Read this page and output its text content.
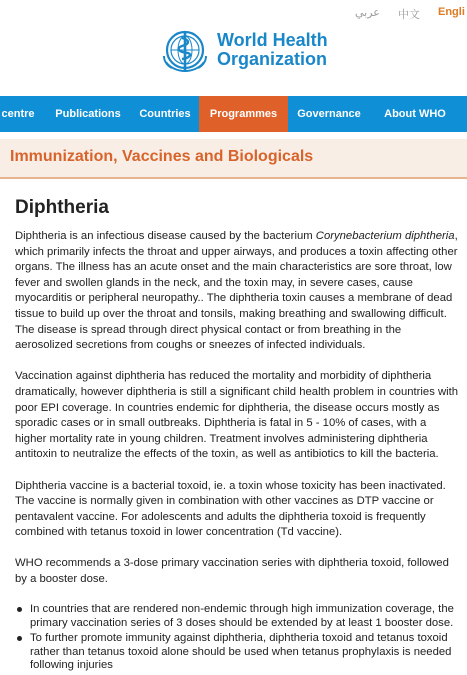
عربي 中文 Engli
World Health
Organization
centre	Publications Countries	Programmes	Governance About WHO
Immunization, Vaccines and Biologicals
Diphtheria

Diphtheria is an infectious disease caused by the bacterium Corynebacterium diphtheria, which primarily infects the throat and upper airways, and produces a toxin affecting other organs. The illness has an acute onset and the main characteristics are sore throat, low fever and swollen glands in the neck, and the toxin may, in severe cases, cause myocarditis or peripheral neuropathy.. The diphtheria toxin causes a membrane of dead tissue to build up over the throat and tonsils, making breathing and swallowing difficult. The disease is spread through direct physical contact or from breathing in the aerosolized secretions from coughs or sneezes of infected individuals.

Vaccination against diphtheria has reduced the mortality and morbidity of diphtheria dramatically, however diphtheria is still a significant child health problem in countries with poor EPI coverage. In countries endemic for diphtheria, the disease occurs mostly as sporadic cases or in small outbreaks. Diphtheria is fatal in 5 - 10% of cases, with a higher mortality rate in young children. Treatment involves administering diphtheria antitoxin to neutralize the effects of the toxin, as well as antibiotics to kill the bacteria.

Diphtheria vaccine is a bacterial toxoid, ie. a toxin whose toxicity has been inactivated. The vaccine is normally given in combination with other vaccines as DTP vaccine or pentavalent vaccine. For adolescents and adults the diphtheria toxoid is frequently combined with tetanus toxoid in lower concentration (Td vaccine).

WHO recommends a 3-dose primary vaccination series with diphtheria toxoid, followed by a booster dose.

In countries that are rendered non-endemic through high immunization coverage, the primary vaccination series of 3 doses should be extended by at least 1 booster dose.
To further promote immunity against diphtheria, diphtheria toxoid and tetanus toxoid rather than tetanus toxoid alone should be used when tetanus prophylaxis is needed following injuries
